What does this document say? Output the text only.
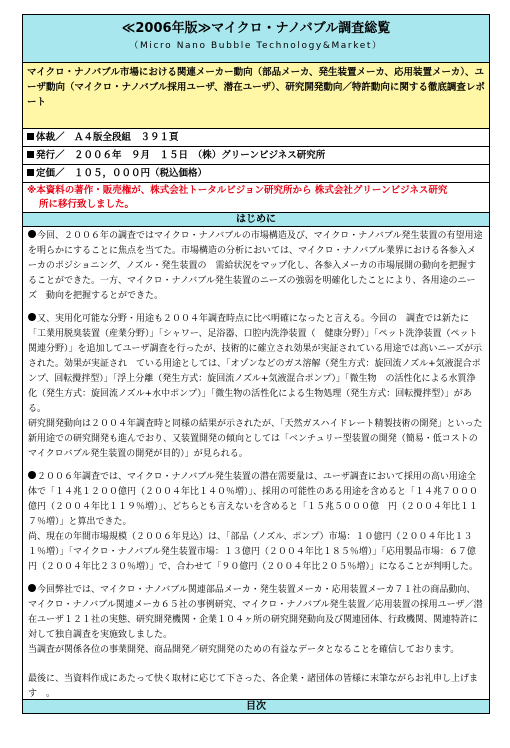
≪2006年版≫マイクロ・ナノバブル調査総覧
（Micro Nano Bubble Technology&Market）
マイクロ・ナノバブル市場における関連メーカー動向（部品メーカ、発生装置メーカ、応用装置メーカ）、ユーザ動向（マイクロ・ナノバブル採用ユーザ、潜在ユーザ）、研究開発動向／特許動向に関する徹底調査レポート
体裁／　Ａ４版全段組　３９１頁
発行／　２００６年　９月　１５日　（株）グリーンビジネス研究所
定価／　１０５，０００円（税込価格）
※本資料の著作・販売権が、株式会社トータルビジョン研究所から 株式会社グリーンビジネス研究
所に移行致しました。
はじめに

今回、２００６年の調査ではマイクロ・ナノバブルの市場構造及び、マイクロ・ナノバブル発生装置の有望用途を明らかにすることに焦点を当てた。市場構造の分析においては、マイクロ・ナノバブル業界における各参入メーカのポジショニング、ノズル・発生装置の　需給状況をマップ化し、各参入メーカの市場展開の動向を把握することができた。一方、マイクロ・ナノバブル発生装置のニーズの強弱を明確化したことにより、各用途のニーズ　動向を把握するとができた。

又、実用化可能な分野・用途も２００４年調査時点に比べ明確になったと言える。今回の　調査では新たに「工業用脱臭装置（産業分野）」「シャワー、足浴器、口腔内洗浄装置（　健康分野）」「ペット洗浄装置（ペット関連分野）」を追加してユーザ調査を行ったが、技術的に確立され効果が実証されている用途では高いニーズが示された。効果が実証され　ている用途としては、「オゾンなどのガス溶解（発生方式：旋回流ノズル+気液混合ポンプ、回転攪拌型）」「浮上分離（発生方式：旋回流ノズル+気液混合ポンプ）」「微生物　の活性化による水質浄化（発生方式：旋回流ノズル+水中ポンプ）」「微生物の活性化による生物処理（発生方式：回転攪拌型）」がある。

研究開発動向は２００４年調査時と同様の結果が示されたが、「天然ガスハイドレート精製技術の開発」といった新用途での研究開発も進んでおり、又装置開発の傾向としては「ベンチュリー型装置の開発（簡易・低コストのマイクロバブル発生装置の開発が目的）」が見られる。

２００６年調査では、マイクロ・ナノバブル発生装置の潜在需要量は、ユーザ調査において採用の高い用途全体で「１４兆１２００億円（２００４年比１４０％増）」、採用の可能性のある用途を含めると「１４兆７０００億円（２００４年比１１９％増）」、どちらとも言えないを含めると「１５兆５０００億　円（２００４年比１１７％増）」と算出できた。

尚、現在の年間市場規模（２００６年見込）は、「部品（ノズル、ポンプ）市場：１０億円（２００４年比１３１％増）」「マイクロ・ナノバブル発生装置市場：１３億円（２００４年比１８５％増）」「応用製品市場：６７億円（２００４年比２３０％増）」で、合わせて「９０億円（２００４年比２０５％増）」になることが判明した。

今回弊社では、マイクロ・ナノバブル関連部品メーカ・発生装置メーカ・応用装置メーカ７１社の商品動向、マイクロ・ナノバブル関連メーカ６５社の事例研究、マイクロ・ナノバブル発生装置／応用装置の採用ユーザ／潜在ユーザ１２１社の実態、研究開発機関・企業１０４ヶ所の研究開発動向及び関連団体、行政機関、関連特許に対して独自調査を実施致しました。

当調査が関係各位の事業開発、商品開発／研究開発のための有益なデータとなることを確信しております。

最後に、当資料作成にあたって快く取材に応じて下さった、各企業・諸団体の皆様に末筆ながらお礼申し上げます　。

目次
